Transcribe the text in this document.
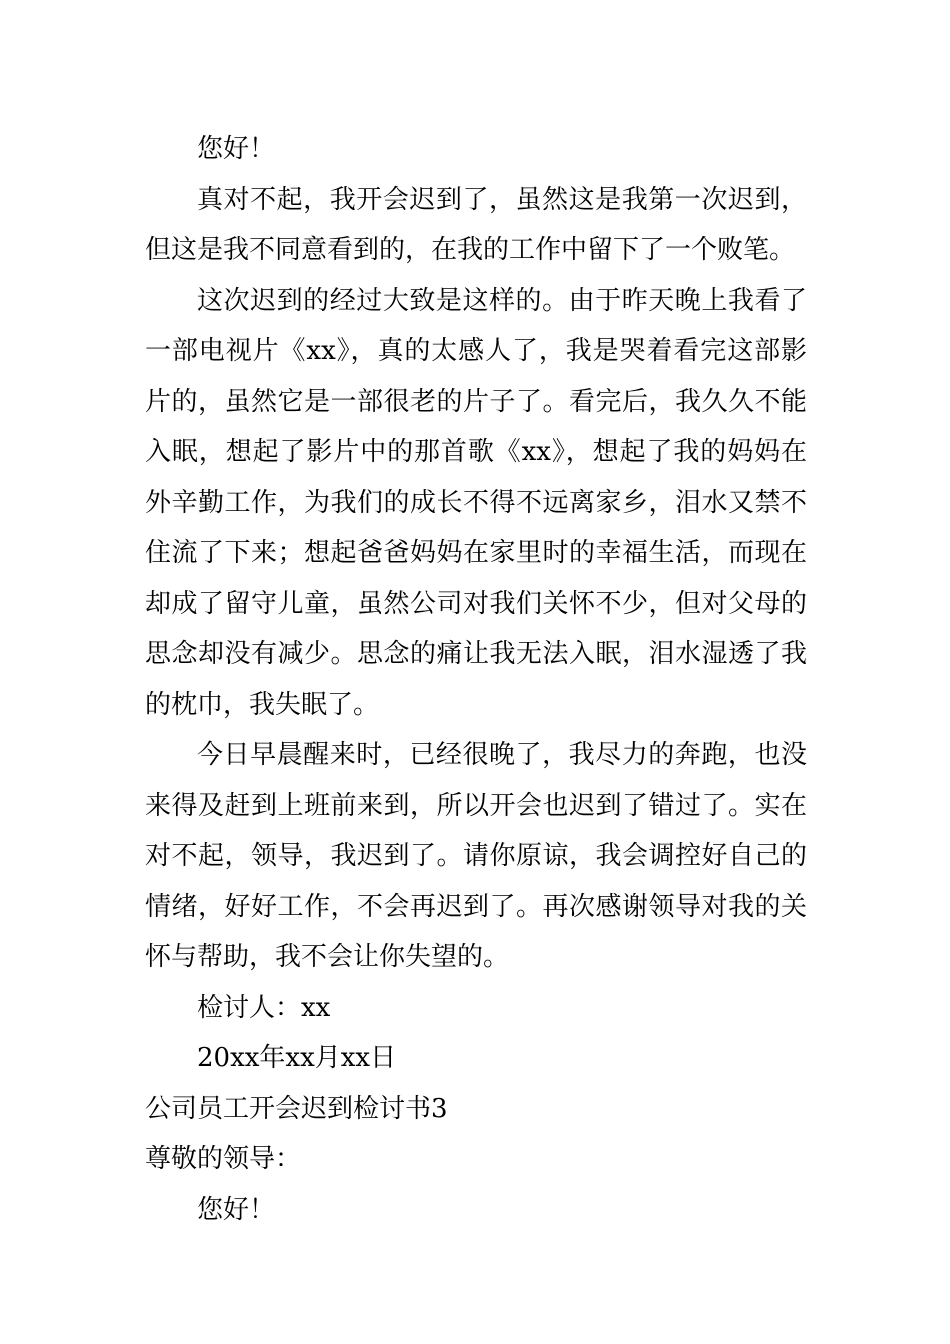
您好！

真对不起，我开会迟到了，虽然这是我第一次迟到，但这是我不同意看到的，在我的工作中留下了一个败笔。

这次迟到的经过大致是这样的。由于昨天晚上我看了一部电视片《xx》，真的太感人了，我是哭着看完这部影片的，虽然它是一部很老的片子了。看完后，我久久不能入眠，想起了影片中的那首歌《xx》，想起了我的妈妈在外辛勤工作，为我们的成长不得不远离家乡，泪水又禁不住流了下来；想起爸爸妈妈在家里时的幸福生活，而现在却成了留守儿童，虽然公司对我们关怀不少，但对父母的思念却没有减少。思念的痛让我无法入眠，泪水湿透了我的枕巾，我失眠了。

今日早晨醒来时，已经很晚了，我尽力的奔跑，也没来得及赶到上班前来到，所以开会也迟到了错过了。实在对不起，领导，我迟到了。请你原谅，我会调控好自己的情绪，好好工作，不会再迟到了。再次感谢领导对我的关怀与帮助，我不会让你失望的。

检讨人：xx

20xx年xx月xx日

公司员工开会迟到检讨书3

尊敬的领导：

您好！
